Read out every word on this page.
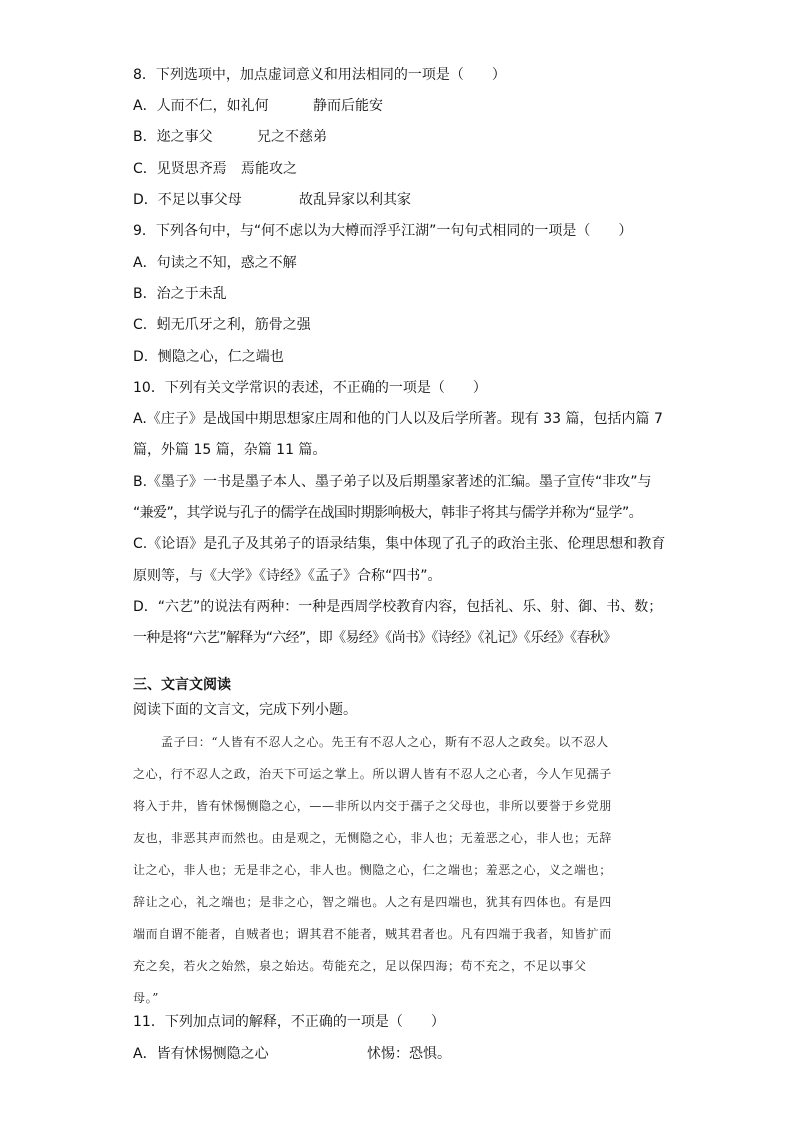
8．下列选项中，加点虚词意义和用法相同的一项是（　　）
A．人而不仁，如礼何	静而后能安
B．迩之事父	兄之不慈弟
C．见贤思齐焉 焉能攻之
D．不足以事父母	故乱异家以利其家
9．下列各句中，与“何不虑以为大樽而浮乎江湖”一句句式相同的一项是（　　）
A．句读之不知，惑之不解
B．治之于未乱
C．蚓无爪牙之利，筋骨之强
D．恻隐之心，仁之端也
10．下列有关文学常识的表述，不正确的一项是（　　）
A.《庄子》是战国中期思想家庄周和他的门人以及后学所著。现有 33 篇，包括内篇 7
篇，外篇 15 篇，杂篇 11 篇。
B.《墨子》一书是墨子本人、墨子弟子以及后期墨家著述的汇编。墨子宣传“非攻”与
“兼爱”，其学说与孔子的儒学在战国时期影响极大，韩非子将其与儒学并称为“显学”。
C.《论语》是孔子及其弟子的语录结集，集中体现了孔子的政治主张、伦理思想和教育
原则等，与《大学》《诗经》《孟子》合称“四书”。
D．“六艺”的说法有两种：一种是西周学校教育内容，包括礼、乐、射、御、书、数；
一种是将“六艺”解释为“六经”，即《易经》《尚书》《诗经》《礼记》《乐经》《春秋》
三、文言文阅读
阅读下面的文言文，完成下列小题。

孟子曰：“人皆有不忍人之心。先王有不忍人之心，斯有不忍人之政矣。以不忍人

之心，行不忍人之政，治天下可运之掌上。所以谓人皆有不忍人之心者，今人乍见孺子

将入于井，皆有怵惕恻隐之心，——非所以内交于孺子之父母也，非所以要誉于乡党朋

友也，非恶其声而然也。由是观之，无恻隐之心，非人也；无羞恶之心，非人也；无辞

让之心，非人也；无是非之心，非人也。恻隐之心，仁之端也；羞恶之心，义之端也；

辞让之心，礼之端也；是非之心，智之端也。人之有是四端也，犹其有四体也。有是四

端而自谓不能者，自贼者也；谓其君不能者，贼其君者也。凡有四端于我者，知皆扩而

充之矣，若火之始然，泉之始达。苟能充之，足以保四海；苟不充之，不足以事父

母。”

11．下列加点词的解释，不正确的一项是（　　）
A．皆有怵惕恻隐之心	怵惕：恐惧。
